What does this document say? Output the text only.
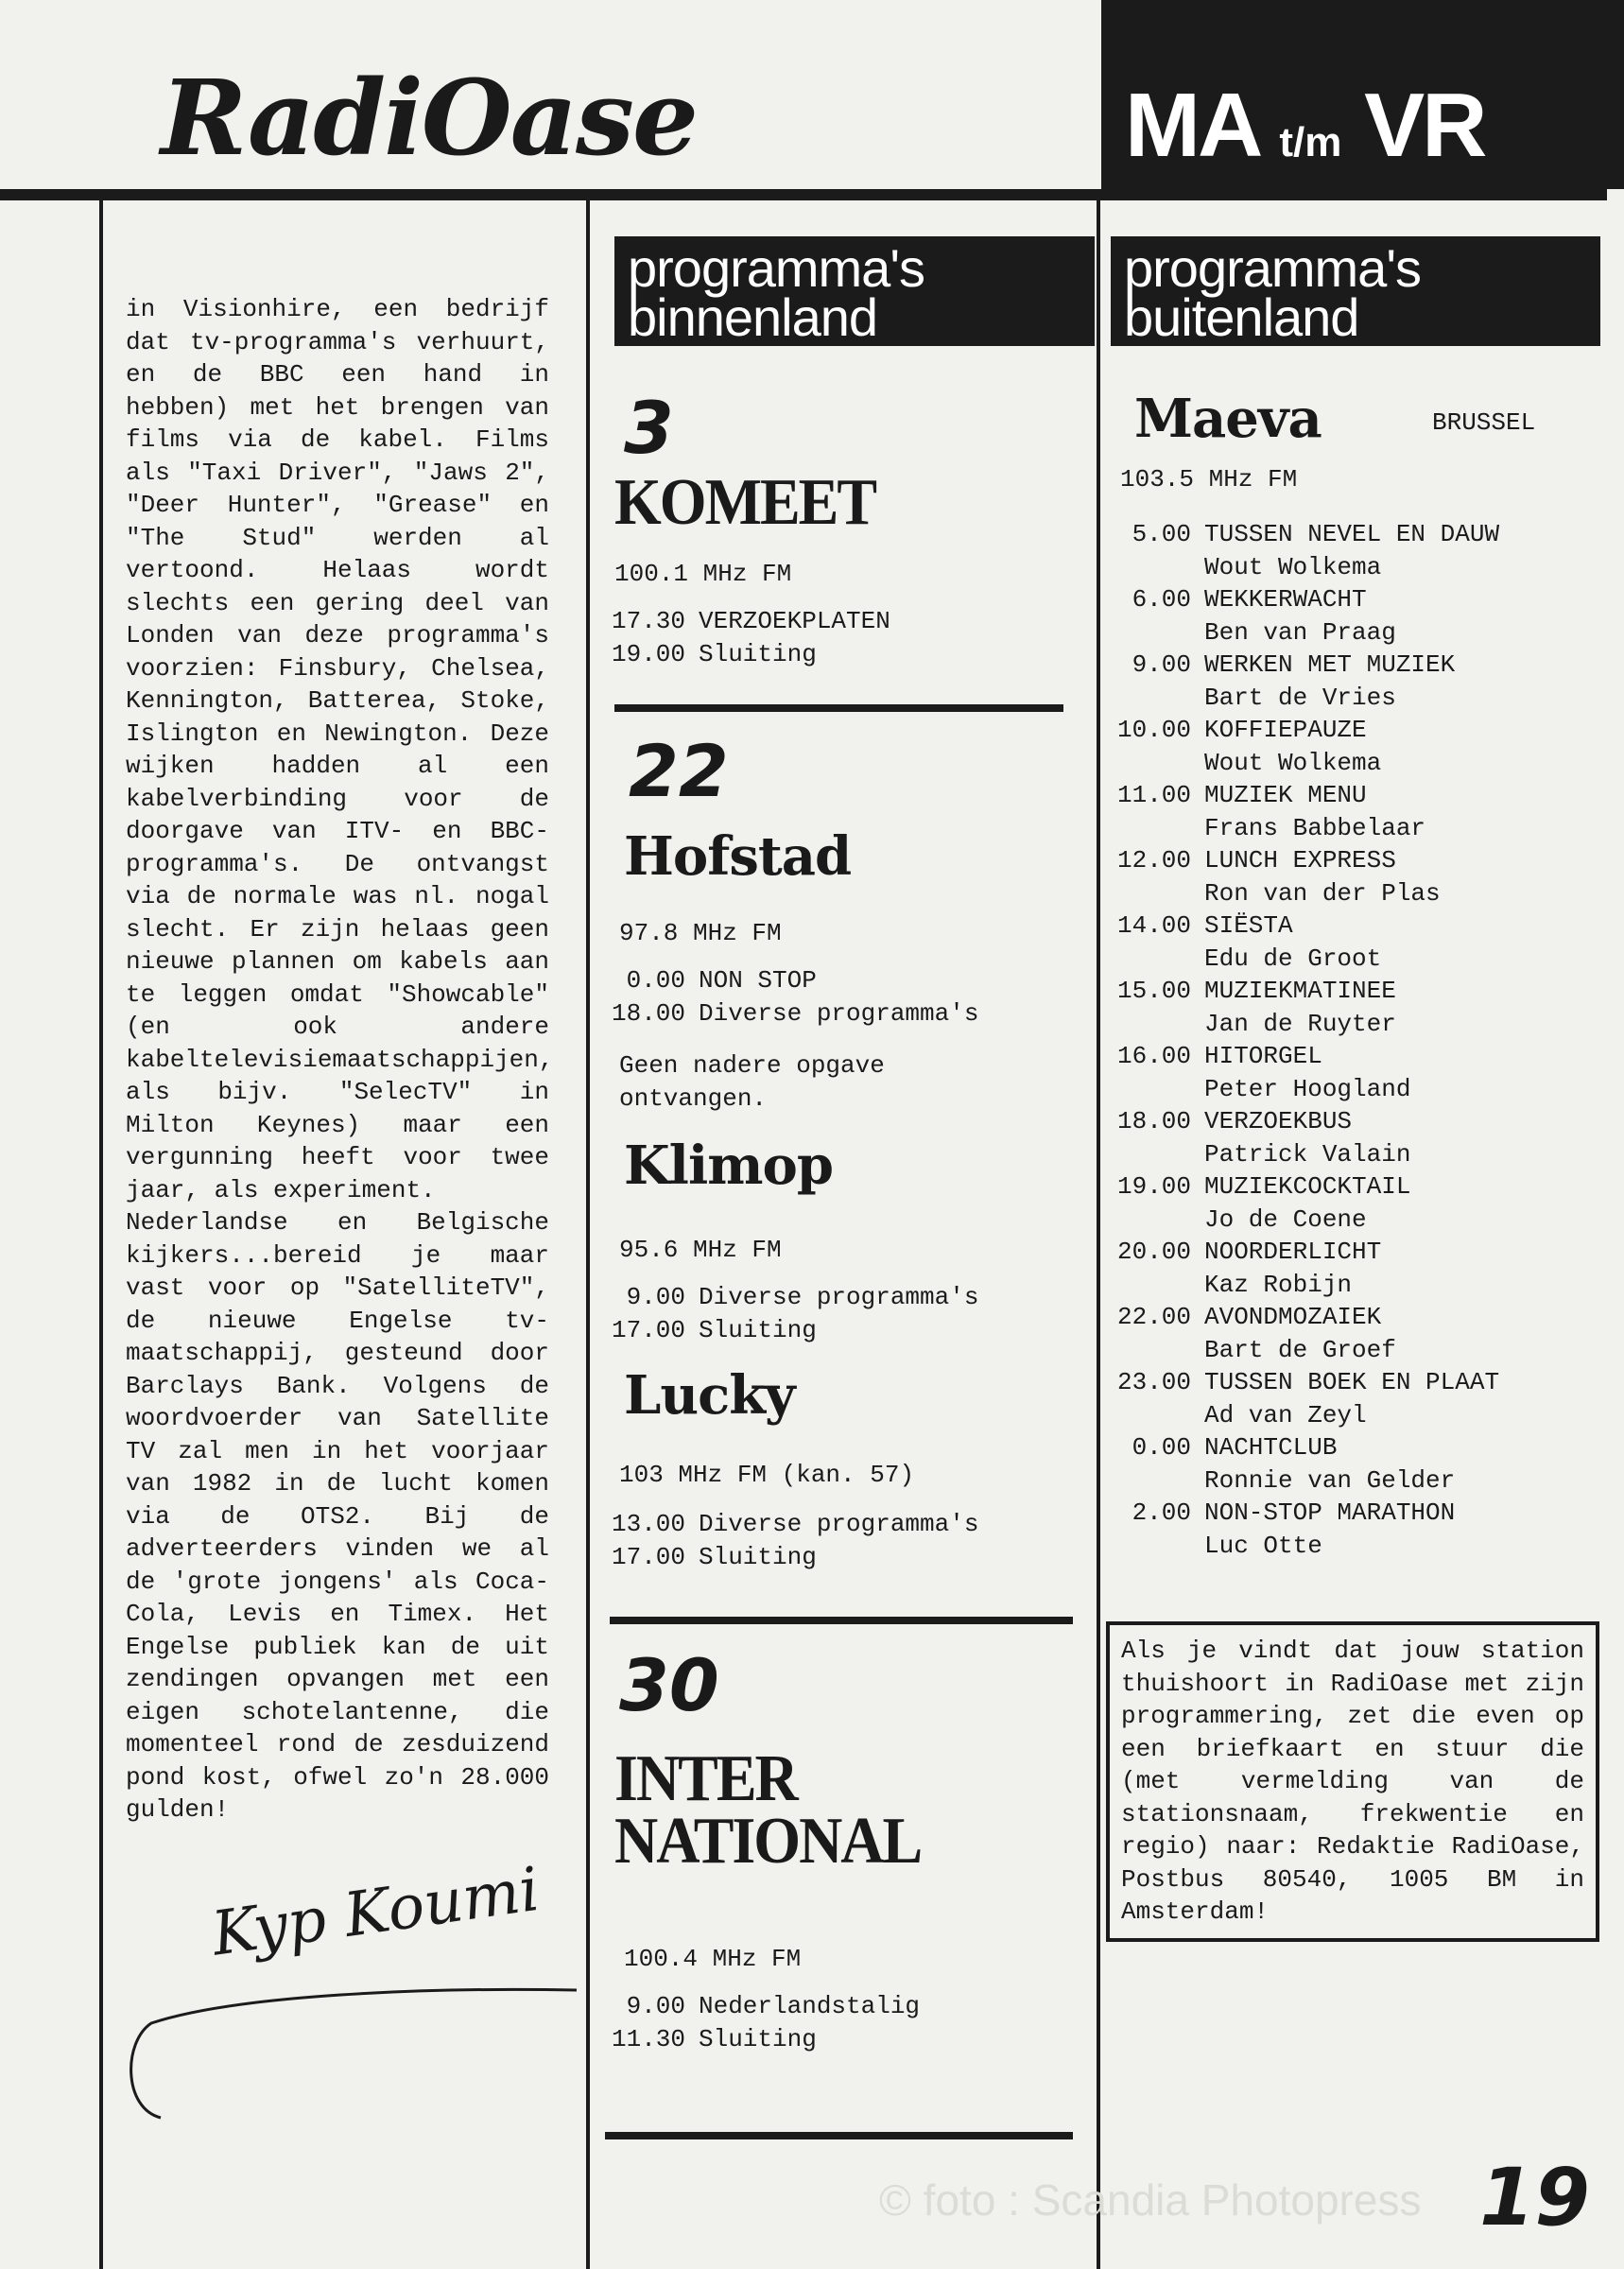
RadiOase	MA t/m VR
in Visionhire, een bedrijf dat tv-programma's verhuurt, en de BBC een hand in hebben) met het brengen van films via de kabel. Films als "Taxi Driver", "Jaws 2", "Deer Hunter", "Grease" en "The Stud" werden al vertoond. Helaas wordt slechts een gering deel van Londen van deze programma's voorzien: Finsbury, Chelsea, Kennington, Batterea, Stoke, Islington en Newington. Deze wijken hadden al een kabelverbinding voor de doorgave van ITV- en BBC-programma's. De ontvangst via de normale was nl. nogal slecht. Er zijn helaas geen nieuwe plannen om kabels aan te leggen omdat "Showcable" (en ook andere kabeltelevisiemaatschappijen, als bijv. "SelecTV" in Milton Keynes) maar een vergunning heeft voor twee jaar, als experiment.
Nederlandse en Belgische kijkers...bereid je maar vast voor op "SatelliteTV", de nieuwe Engelse tv-maatschappij, gesteund door Barclays Bank. Volgens de woordvoerder van Satellite TV zal men in het voorjaar van 1982 in de lucht komen via de OTS2. Bij de adverteerders vinden we al de 'grote jongens' als Coca-Cola, Levis en Timex. Het Engelse publiek kan de uit zendingen opvangen met een eigen schotelantenne, die momenteel rond de zesduizend pond kost, ofwel zo'n 28.000 gulden!
Kyp Koumi
programma's
binnenland
3
KOMEET
100.1 MHz FM
17.30 VERZOEKPLATEN
19.00 Sluiting
22
Hofstad
97.8 MHz FM
0.00 NON STOP
18.00 Diverse programma's
Geen nadere opgave ontvangen.
Klimop
95.6 MHz FM
9.00 Diverse programma's
17.00 Sluiting
Lucky
103 MHz FM (kan. 57)
13.00 Diverse programma's
17.00 Sluiting
30
INTER
NATIONAL
100.4 MHz FM
9.00 Nederlandstalig
11.30 Sluiting
programma's
buitenland
Maeva	BRUSSEL
103.5 MHz FM
5.00 TUSSEN NEVEL EN DAUW
Wout Wolkema
6.00 WEKKERWACHT
Ben van Praag
9.00 WERKEN MET MUZIEK
Bart de Vries
10.00 KOFFIEPAUZE
Wout Wolkema
11.00 MUZIEK MENU
Frans Babbelaar
12.00 LUNCH EXPRESS
Ron van der Plas
14.00 SIËSTA
Edu de Groot
15.00 MUZIEKMATINEE
Jan de Ruyter
16.00 HITORGEL
Peter Hoogland
18.00 VERZOEKBUS
Patrick Valain
19.00 MUZIEKCOCKTAIL
Jo de Coene
20.00 NOORDERLICHT
Kaz Robijn
22.00 AVONDMOZAIEK
Bart de Groef
23.00 TUSSEN BOEK EN PLAAT
Ad van Zeyl
0.00 NACHTCLUB
Ronnie van Gelder
2.00 NON-STOP MARATHON
Luc Otte
Als je vindt dat jouw station thuishoort in RadiOase met zijn programmering, zet die even op een briefkaart en stuur die (met vermelding van de stationsnaam, frekwentie en regio) naar: Redaktie RadiOase, Postbus 80540, 1005 BM in Amsterdam!
© foto : Scandia Photopress 19
